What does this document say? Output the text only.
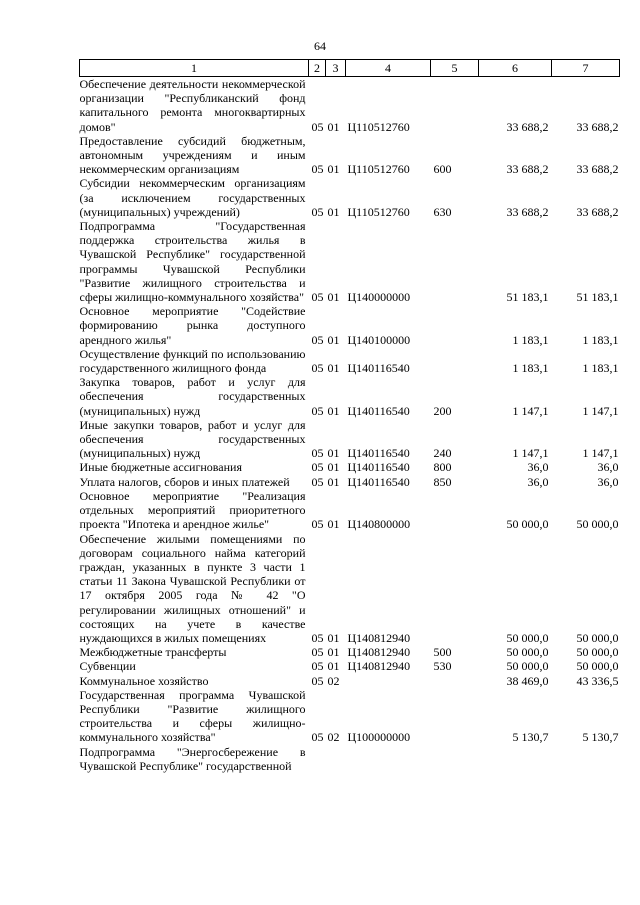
64
1	2	3	4	5	6	7
Обеспечение деятельности некоммерческой организации "Республиканский фонд капитального ремонта многоквартирных домов"	05	01	Ц110512760		33 688,2	33 688,2
Предоставление субсидий бюджетным, автономным учреждениям и иным некоммерческим организациям	05	01	Ц110512760	600	33 688,2	33 688,2
Субсидии некоммерческим организациям (за исключением государственных (муниципальных) учреждений)	05	01	Ц110512760	630	33 688,2	33 688,2
Подпрограмма "Государственная поддержка строительства жилья в Чувашской Республике" государственной программы Чувашской Республики "Развитие жилищного строительства и сферы жилищно-коммунального хозяйства"	05	01	Ц140000000		51 183,1	51 183,1
Основное мероприятие "Содействие формированию рынка доступного арендного жилья"	05	01	Ц140100000		1 183,1	1 183,1
Осуществление функций по использованию государственного жилищного фонда	05	01	Ц140116540		1 183,1	1 183,1
Закупка товаров, работ и услуг для обеспечения государственных (муниципальных) нужд	05	01	Ц140116540	200	1 147,1	1 147,1
Иные закупки товаров, работ и услуг для обеспечения государственных (муниципальных) нужд	05	01	Ц140116540	240	1 147,1	1 147,1
Иные бюджетные ассигнования	05	01	Ц140116540	800	36,0	36,0
Уплата налогов, сборов и иных платежей	05	01	Ц140116540	850	36,0	36,0
Основное мероприятие "Реализация отдельных мероприятий приоритетного проекта "Ипотека и арендное жилье"	05	01	Ц140800000		50 000,0	50 000,0
Обеспечение жилыми помещениями по договорам социального найма категорий граждан, указанных в пункте 3 части 1 статьи 11 Закона Чувашской Республики от 17 октября 2005 года № 42 "О регулировании жилищных отношений" и состоящих на учете в качестве нуждающихся в жилых помещениях	05	01	Ц140812940		50 000,0	50 000,0
Межбюджетные трансферты	05	01	Ц140812940	500	50 000,0	50 000,0
Субвенции	05	01	Ц140812940	530	50 000,0	50 000,0
Коммунальное хозяйство	05	02			38 469,0	43 336,5
Государственная программа Чувашской Республики "Развитие жилищного строительства и сферы жилищно-коммунального хозяйства"	05	02	Ц100000000		5 130,7	5 130,7
Подпрограмма "Энергосбережение в Чувашской Республике" государственной						
